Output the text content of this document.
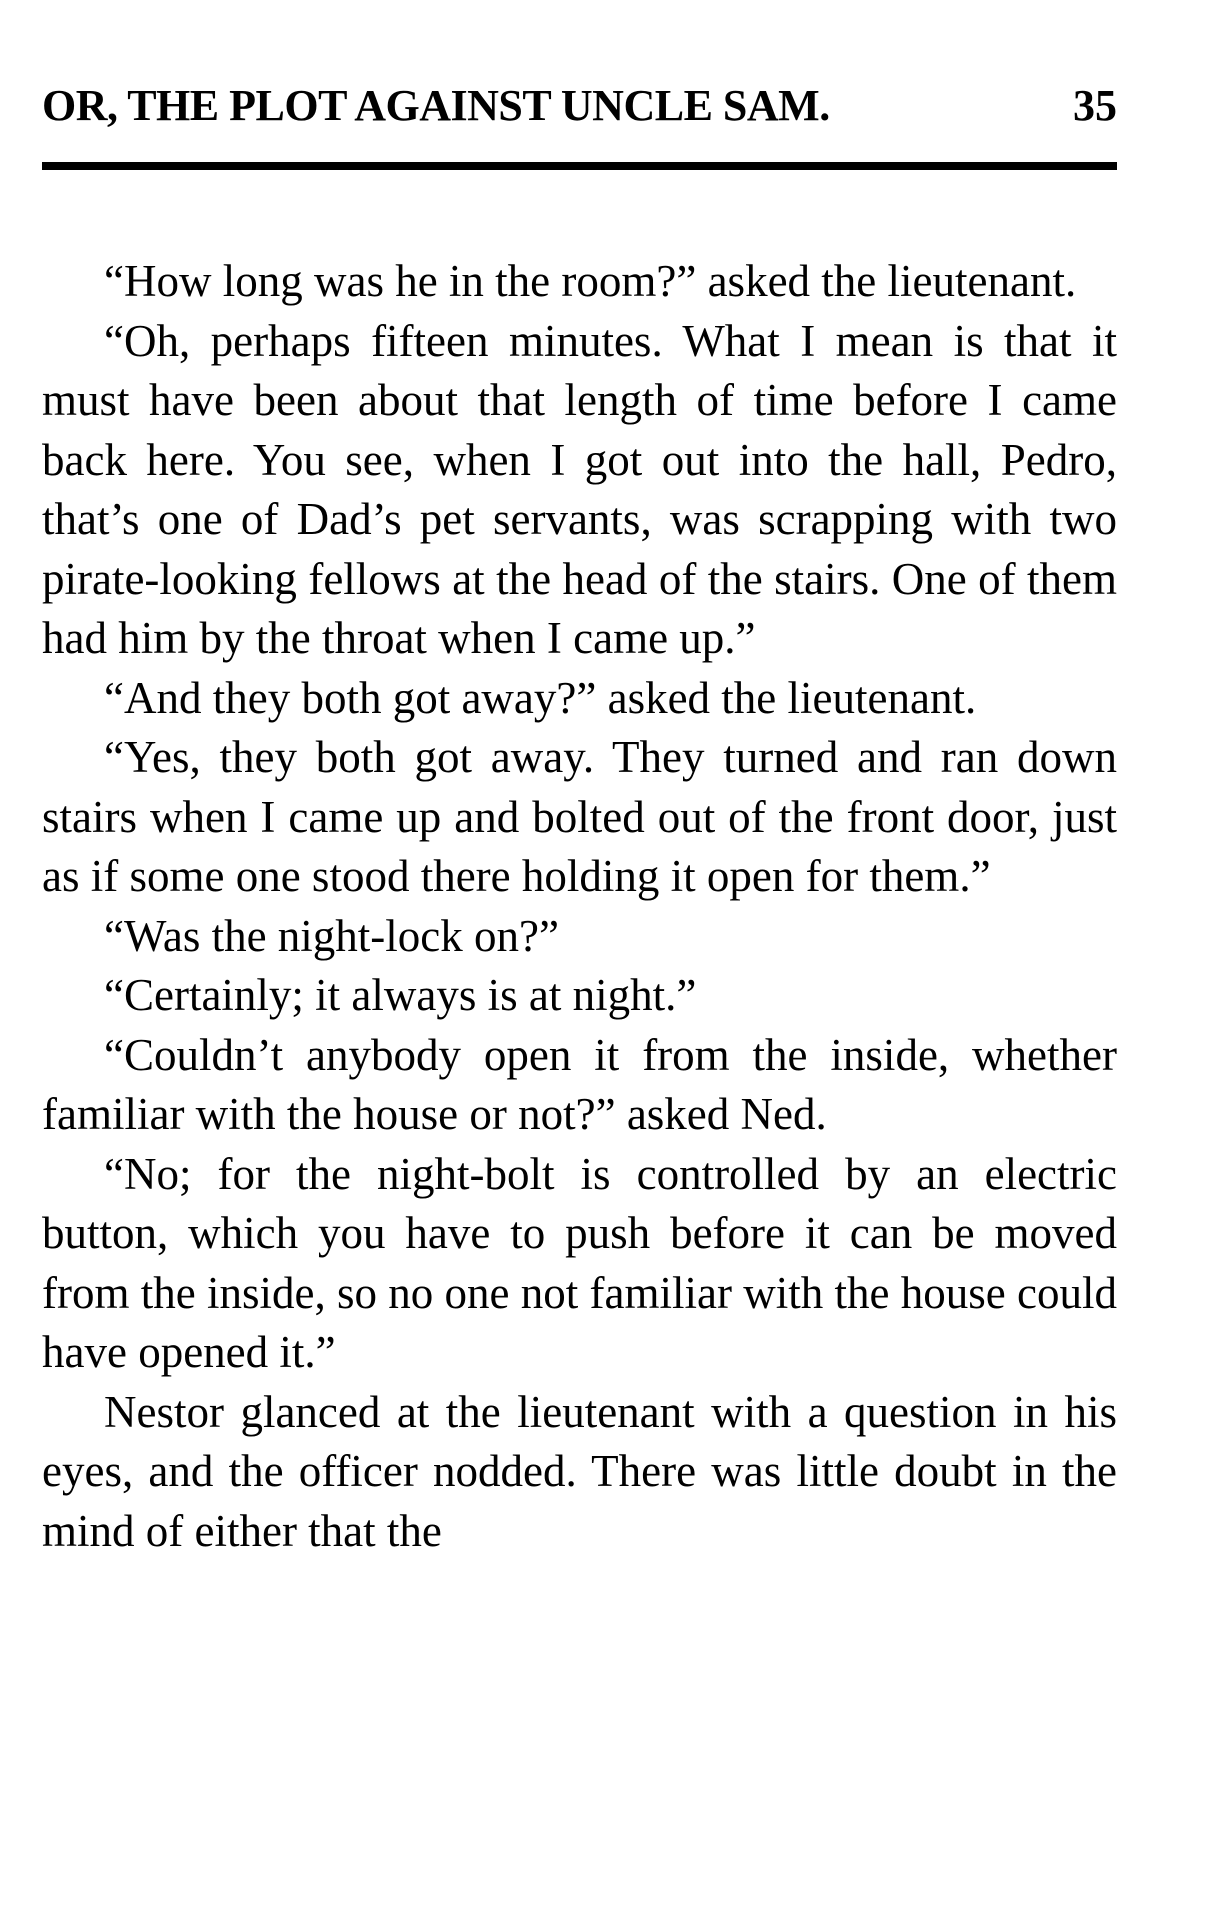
OR, THE PLOT AGAINST UNCLE SAM.	35

“How long was he in the room?” asked the lieutenant.

“Oh, perhaps fifteen minutes. What I mean is that it must have been about that length of time before I came back here. You see, when I got out into the hall, Pedro, that’s one of Dad’s pet servants, was scrapping with two pirate-looking fellows at the head of the stairs. One of them had him by the throat when I came up.”

“And they both got away?” asked the lieutenant.

“Yes, they both got away. They turned and ran down stairs when I came up and bolted out of the front door, just as if some one stood there holding it open for them.”

“Was the night-lock on?”

“Certainly; it always is at night.”

“Couldn’t anybody open it from the inside, whether familiar with the house or not?” asked Ned.

“No; for the night-bolt is controlled by an electric button, which you have to push before it can be moved from the inside, so no one not familiar with the house could have opened it.”

Nestor glanced at the lieutenant with a question in his eyes, and the officer nodded. There was little doubt in the mind of either that the
